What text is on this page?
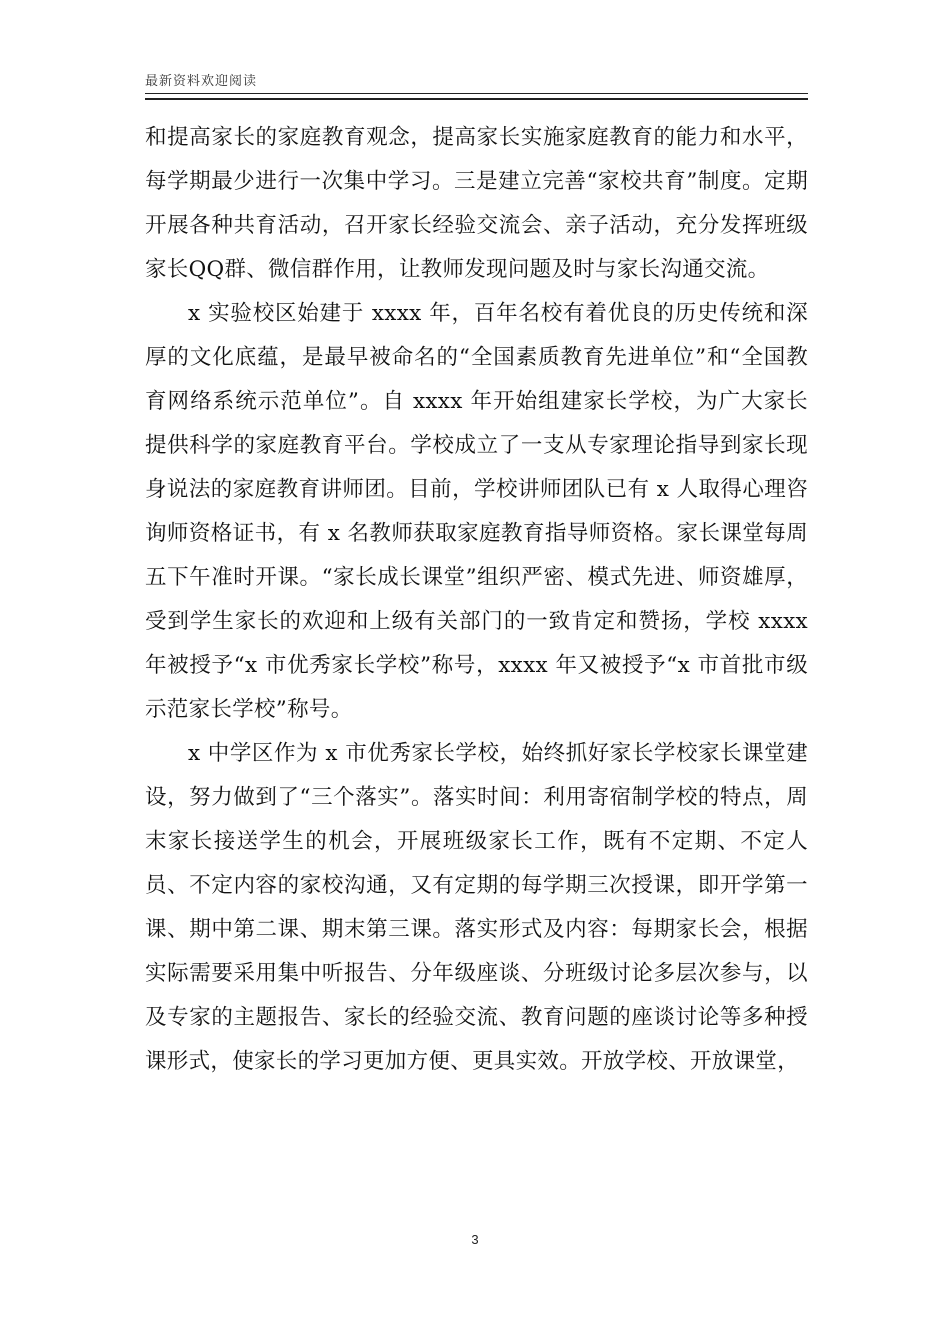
最新资料欢迎阅读

和提高家长的家庭教育观念，提高家长实施家庭教育的能力和水平，每学期最少进行一次集中学习。三是建立完善“家校共育”制度。定期开展各种共育活动，召开家长经验交流会、亲子活动，充分发挥班级家长QQ群、微信群作用，让教师发现问题及时与家长沟通交流。

x 实验校区始建于 xxxx 年，百年名校有着优良的历史传统和深厚的文化底蕴，是最早被命名的“全国素质教育先进单位”和“全国教育网络系统示范单位”。自 xxxx 年开始组建家长学校，为广大家长提供科学的家庭教育平台。学校成立了一支从专家理论指导到家长现身说法的家庭教育讲师团。目前，学校讲师团队已有 x 人取得心理咨询师资格证书，有 x 名教师获取家庭教育指导师资格。家长课堂每周五下午准时开课。“家长成长课堂”组织严密、模式先进、师资雄厚，受到学生家长的欢迎和上级有关部门的一致肯定和赞扬，学校 xxxx 年被授予“x 市优秀家长学校”称号，xxxx 年又被授予“x 市首批市级示范家长学校”称号。

x 中学区作为 x 市优秀家长学校，始终抓好家长学校家长课堂建设，努力做到了“三个落实”。落实时间：利用寄宿制学校的特点，周末家长接送学生的机会，开展班级家长工作，既有不定期、不定人员、不定内容的家校沟通，又有定期的每学期三次授课，即开学第一课、期中第二课、期末第三课。落实形式及内容：每期家长会，根据实际需要采用集中听报告、分年级座谈、分班级讨论多层次参与，以及专家的主题报告、家长的经验交流、教育问题的座谈讨论等多种授课形式，使家长的学习更加方便、更具实效。开放学校、开放课堂，

3
